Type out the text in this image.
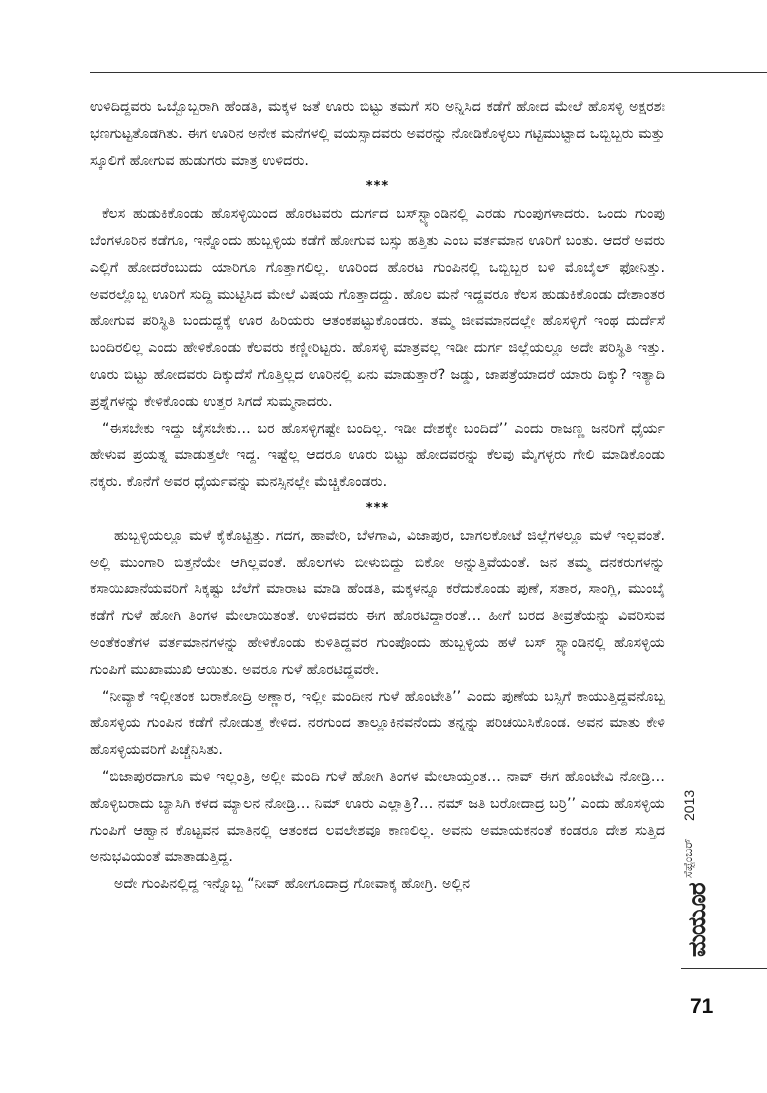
ಉಳಿದಿದ್ದವರು ಒಬ್ಬೊಬ್ಬರಾಗಿ ಹೆಂಡತಿ, ಮಕ್ಕಳ ಜತೆ ಊರು ಬಿಟ್ಟು ತಮಗೆ ಸರಿ ಅನ್ನಿಸಿದ ಕಡೆಗೆ ಹೋದ ಮೇಲೆ ಹೊಸಳ್ಳಿ ಅಕ್ಷರಶಃ ಭಣಗುಟ್ಟತೊಡಗಿತು. ಈಗ ಊರಿನ ಅನೇಕ ಮನೆಗಳಲ್ಲಿ ವಯಸ್ಸಾದವರು ಅವರನ್ನು ನೋಡಿಕೊಳ್ಳಲು ಗಟ್ಟಿಮುಟ್ಟಾದ ಒಬ್ಬಿಬ್ಬರು ಮತ್ತು ಸ್ಕೂಲಿಗೆ ಹೋಗುವ ಹುಡುಗರು ಮಾತ್ರ ಉಳಿದರು.

***

ಕೆಲಸ ಹುಡುಕಿಕೊಂಡು ಹೊಸಳ್ಳಿಯಿಂದ ಹೊರಟವರು ದುರ್ಗದ ಬಸ್‌ಸ್ಟ್ಯಾಂಡಿನಲ್ಲಿ ಎರಡು ಗುಂಪುಗಳಾದರು. ಒಂದು ಗುಂಪು ಬೆಂಗಳೂರಿನ ಕಡೆಗೂ, ಇನ್ನೊಂದು ಹುಬ್ಬಳ್ಳಿಯ ಕಡೆಗೆ ಹೋಗುವ ಬಸ್ಸು ಹತ್ತಿತು ಎಂಬ ವರ್ತಮಾನ ಊರಿಗೆ ಬಂತು. ಆದರೆ ಅವರು ಎಲ್ಲಿಗೆ ಹೋದರೆಂಬುದು ಯಾರಿಗೂ ಗೊತ್ತಾಗಲಿಲ್ಲ. ಊರಿಂದ ಹೊರಟ ಗುಂಪಿನಲ್ಲಿ ಒಬ್ಬಿಬ್ಬರ ಬಳಿ ಮೊಬೈಲ್ ಫೋನಿತ್ತು. ಅವರಲ್ಲೊಬ್ಬ ಊರಿಗೆ ಸುದ್ದಿ ಮುಟ್ಟಿಸಿದ ಮೇಲೆ ವಿಷಯ ಗೊತ್ತಾದದ್ದು. ಹೊಲ ಮನೆ ಇದ್ದವರೂ ಕೆಲಸ ಹುಡುಕಿಕೊಂಡು ದೇಶಾಂತರ ಹೋಗುವ ಪರಿಸ್ಥಿತಿ ಬಂದುದ್ದಕ್ಕೆ ಊರ ಹಿರಿಯರು ಆತಂಕಪಟ್ಟುಕೊಂಡರು. ತಮ್ಮ ಜೀವಮಾನದಲ್ಲೇ ಹೊಸಳ್ಳಿಗೆ ಇಂಥ ದುರ್ದೆಸೆ ಬಂದಿರಲಿಲ್ಲ ಎಂದು ಹೇಳಿಕೊಂಡು ಕೆಲವರು ಕಣ್ಣೀರಿಟ್ಟರು. ಹೊಸಳ್ಳಿ ಮಾತ್ರವಲ್ಲ ಇಡೀ ದುರ್ಗ ಜಿಲ್ಲೆಯಲ್ಲೂ ಅದೇ ಪರಿಸ್ಥಿತಿ ಇತ್ತು. ಊರು ಬಿಟ್ಟು ಹೋದವರು ದಿಕ್ಕುದೆಸೆ ಗೊತ್ತಿಲ್ಲದ ಊರಿನಲ್ಲಿ ಏನು ಮಾಡುತ್ತಾರೆ? ಜಡ್ಡು, ಜಾಪತ್ರೆಯಾದರೆ ಯಾರು ದಿಕ್ಕು? ಇತ್ಯಾದಿ ಪ್ರಶ್ನೆಗಳನ್ನು ಕೇಳಿಕೊಂಡು ಉತ್ತರ ಸಿಗದೆ ಸುಮ್ಮನಾದರು.

“ಈಸಬೇಕು ಇದ್ದು ಜೈಸಬೇಕು… ಬರ ಹೊಸಳ್ಳಿಗಷ್ಟೇ ಬಂದಿಲ್ಲ. ಇಡೀ ದೇಶಕ್ಕೇ ಬಂದಿದೆ’’ ಎಂದು ರಾಜಣ್ಣ ಜನರಿಗೆ ಧೈರ್ಯ ಹೇಳುವ ಪ್ರಯತ್ನ ಮಾಡುತ್ತಲೇ ಇದ್ದ. ಇಷ್ಟೆಲ್ಲ ಆದರೂ ಊರು ಬಿಟ್ಟು ಹೋದವರನ್ನು ಕೆಲವು ಮೈಗಳ್ಳರು ಗೇಲಿ ಮಾಡಿಕೊಂಡು ನಕ್ಕರು. ಕೊನೆಗೆ ಅವರ ಧೈರ್ಯವನ್ನು ಮನಸ್ಸಿನಲ್ಲೇ ಮೆಚ್ಚಿಕೊಂಡರು.

***

ಹುಬ್ಬಳ್ಳಿಯಲ್ಲೂ ಮಳೆ ಕೈಕೊಟ್ಟಿತ್ತು. ಗದಗ, ಹಾವೇರಿ, ಬೆಳಗಾವಿ, ವಿಜಾಪುರ, ಬಾಗಲಕೋಟೆ ಜಿಲ್ಲೆಗಳಲ್ಲೂ ಮಳೆ ಇಲ್ಲವಂತೆ. ಅಲ್ಲಿ ಮುಂಗಾರಿ ಬಿತ್ತನೆಯೇ ಆಗಿಲ್ಲವಂತೆ. ಹೊಲಗಳು ಬೀಳುಬಿದ್ದು ಬಿಕೋ ಅನ್ನುತ್ತಿವೆಯಂತೆ. ಜನ ತಮ್ಮ ದನಕರುಗಳನ್ನು ಕಸಾಯಿಖಾನೆಯವರಿಗೆ ಸಿಕ್ಕಷ್ಟು ಬೆಲೆಗೆ ಮಾರಾಟ ಮಾಡಿ ಹೆಂಡತಿ, ಮಕ್ಕಳನ್ನೂ ಕರೆದುಕೊಂಡು ಪುಣೆ, ಸತಾರ, ಸಾಂಗ್ಲಿ, ಮುಂಬೈ ಕಡೆಗೆ ಗುಳೆ ಹೋಗಿ ತಿಂಗಳ ಮೇಲಾಯಿತಂತೆ. ಉಳಿದವರು ಈಗ ಹೊರಟಿದ್ದಾರಂತೆ… ಹೀಗೆ ಬರದ ತೀವ್ರತೆಯನ್ನು ವಿವರಿಸುವ ಅಂತೆಕಂತೆಗಳ ವರ್ತಮಾನಗಳನ್ನು ಹೇಳಿಕೊಂಡು ಕುಳಿತಿದ್ದವರ ಗುಂಪೊಂದು ಹುಬ್ಬಳ್ಳಿಯ ಹಳೆ ಬಸ್ ಸ್ಟ್ಯಾಂಡಿನಲ್ಲಿ ಹೊಸಳ್ಳಿಯ ಗುಂಪಿಗೆ ಮುಖಾಮುಖಿ ಆಯಿತು. ಅವರೂ ಗುಳೆ ಹೊರಟಿದ್ದವರೇ.

“ನೀವ್ಯಾಕೆ ಇಲ್ಲೀತಂಕ ಬರಾಕೋದ್ರಿ ಅಣ್ಣಾರ, ಇಲ್ಲೀ ಮಂದೀನ ಗುಳೆ ಹೊಂಟೇತಿ’’ ಎಂದು ಪುಣೆಯ ಬಸ್ಸಿಗೆ ಕಾಯುತ್ತಿದ್ದವನೊಬ್ಬ ಹೊಸಳ್ಳಿಯ ಗುಂಪಿನ ಕಡೆಗೆ ನೋಡುತ್ತ ಕೇಳಿದ. ನರಗುಂದ ತಾಲ್ಲೂಕಿನವನೆಂದು ತನ್ನನ್ನು ಪರಿಚಯಿಸಿಕೊಂಡ. ಅವನ ಮಾತು ಕೇಳಿ ಹೊಸಳ್ಳಿಯವರಿಗೆ ಪಿಚ್ಚೆನಿಸಿತು.

“ಬಿಜಾಪುರದಾಗೂ ಮಳಿ ಇಲ್ಲಂತ್ರಿ, ಅಲ್ಲೀ ಮಂದಿ ಗುಳೆ ಹೋಗಿ ತಿಂಗಳ ಮೇಲಾಯ್ತಂತ… ನಾವ್ ಈಗ ಹೊಂಟೇವಿ ನೋಡ್ರಿ… ಹೊಳ್ಳಿಬರಾದು ಬ್ಯಾಸಿಗಿ ಕಳದ ಮ್ಯಾಲನ ನೋಡ್ರಿ… ನಿಮ್ ಊರು ಎಲ್ಲಾತ್ರಿ?… ನಮ್ ಜತಿ ಬರೋದಾದ್ರ ಬರ್ರಿ’’ ಎಂದು ಹೊಸಳ್ಳಿಯ ಗುಂಪಿಗೆ ಆಹ್ವಾನ ಕೊಟ್ಟವನ ಮಾತಿನಲ್ಲಿ ಆತಂಕದ ಲವಲೇಶವೂ ಕಾಣಲಿಲ್ಲ. ಅವನು ಅಮಾಯಕನಂತೆ ಕಂಡರೂ ದೇಶ ಸುತ್ತಿದ ಅನುಭವಿಯಂತೆ ಮಾತಾಡುತ್ತಿದ್ದ.

ಅದೇ ಗುಂಪಿನಲ್ಲಿದ್ದ ಇನ್ನೊಬ್ಬ “ನೀವ್ ಹೋಗೂದಾದ್ರ ಗೋವಾಕ್ಕ ಹೋಗ್ರಿ. ಅಲ್ಲಿನ

2013
ಸೆಪ್ಟೆಂಬರ್
ಮಯೂರ
71
